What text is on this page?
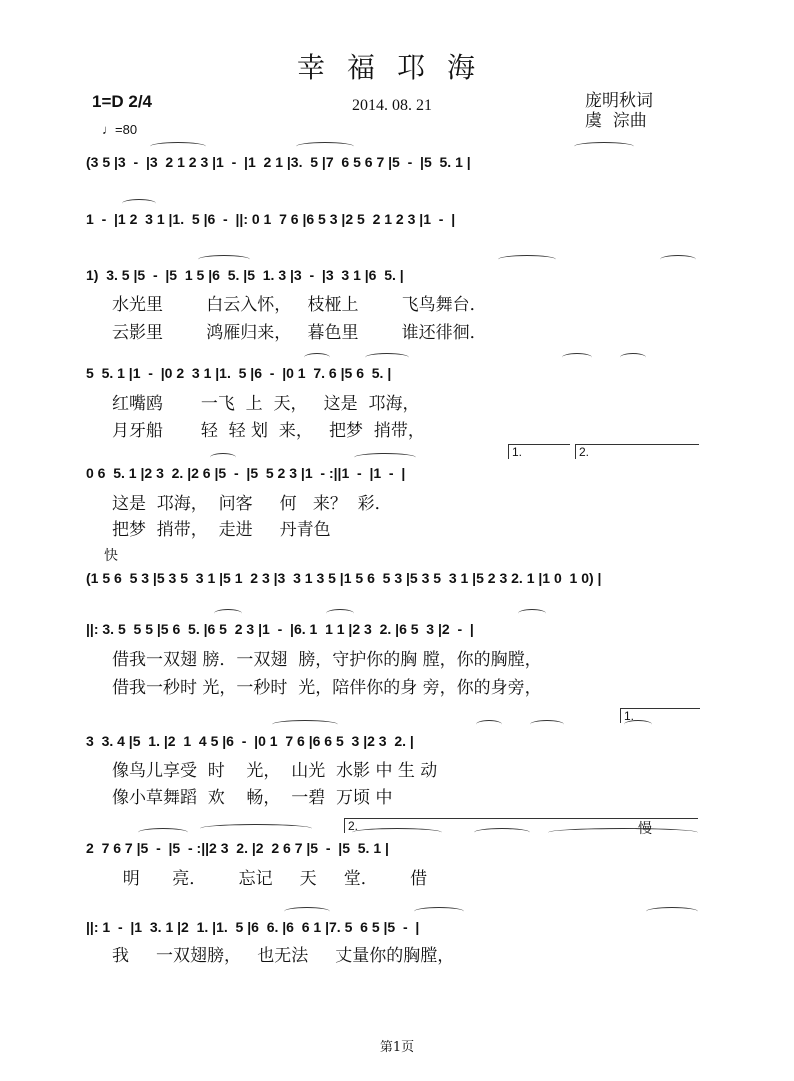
幸福邛海
1=D 2/4
♩=80
2014. 08. 21	庞明秋词
虞  淙曲
(3 5 |3  -  |3  2 1 2 3 |1  -  |1  2 1 |3.  5 |7  6 5 6 7 |5  -  |5  5. 1 |
1  -  |1 2  3 1 |1.  5 |6  -  ||: 0 1  7 6 |6 5 3 |2 5  2 1 2 3 |1  -  |
1)  3. 5 |5  -  |5  1 5 |6  5. |5  1. 3 |3  -  |3  3 1 |6  5. |
水光里        白云入怀，   枝桠上        飞鸟舞台．
云影里        鸿雁归来，   暮色里        谁还徘徊．
5  5. 1 |1  -  |0 2  3 1 |1.  5 |6  -  |0 1  7. 6 |5 6  5. |
红嘴鸥       一飞  上  天，   这是  邛海，
月牙船       轻  轻 划  来，   把梦  捎带，
1.	2.
0 6  5. 1 |2 3  2. |2 6 |5  -  |5  5 2 3 |1  - :||1  -  |1  -  |
这是  邛海，  问客     何   来？  彩．
把梦  捎带，  走进     丹青色
快
(1 5 6  5 3 |5 3 5  3 1 |5 1  2 3 |3  3 1 3 5 |1 5 6  5 3 |5 3 5  3 1 |5 2 3 2. 1 |1 0  1 0) |
||: 3. 5  5 5 |5 6  5. |6 5  2 3 |1  -  |6. 1  1 1 |2 3  2. |6 5  3 |2  -  |
借我一双翅 膀．一双翅  膀，守护你的胸 膛，你的胸膛，
借我一秒时 光，一秒时  光，陪伴你的身 旁，你的身旁，
1.
3  3. 4 |5  1. |2  1  4 5 |6  -  |0 1  7 6 |6 6 5  3 |2 3  2. |
像鸟儿享受  时    光，  山光  水影 中 生 动
像小草舞蹈  欢    畅，  一碧  万顷 中
2.	慢
2  7 6 7 |5  -  |5  - :||2 3  2. |2  2 6 7 |5  -  |5  5. 1 |
明      亮．      忘记     天     堂．      借
||: 1  -  |1  3. 1 |2  1. |1.  5 |6  6. |6  6 1 |7. 5  6 5 |5  -  |
我     一双翅膀，   也无法     丈量你的胸膛，
第1页
